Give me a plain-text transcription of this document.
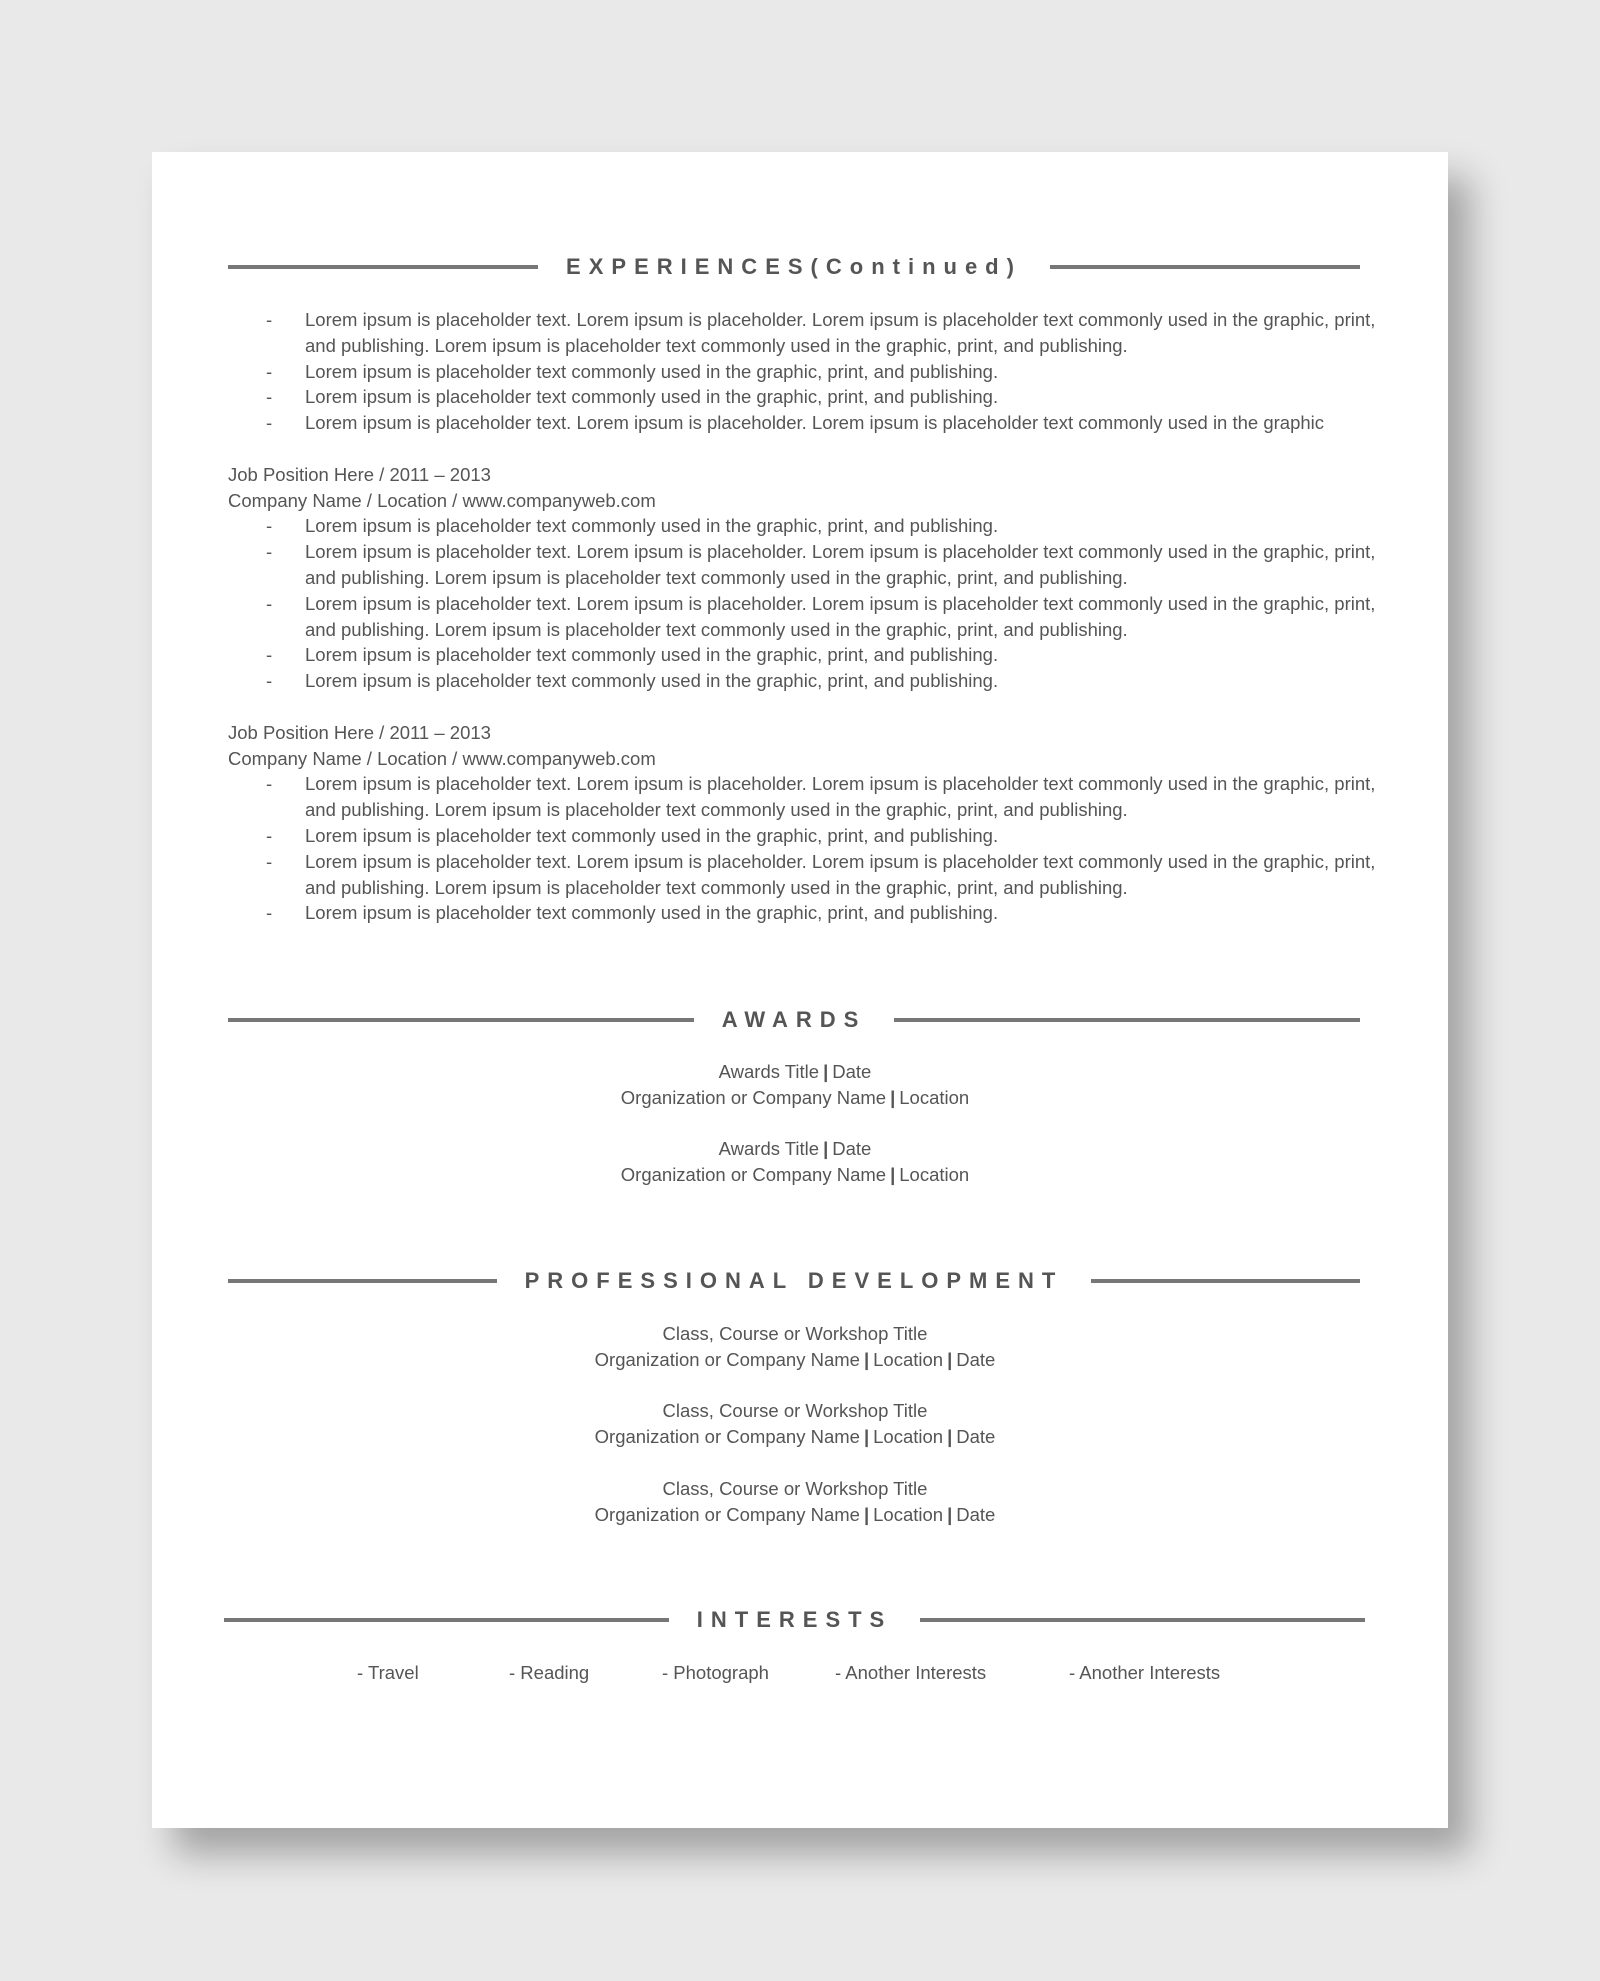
EXPERIENCES(Continued)
- Lorem ipsum is placeholder text. Lorem ipsum is placeholder. Lorem ipsum is placeholder text commonly used in the graphic, print, and publishing. Lorem ipsum is placeholder text commonly used in the graphic, print, and publishing.
- Lorem ipsum is placeholder text commonly used in the graphic, print, and publishing.
- Lorem ipsum is placeholder text commonly used in the graphic, print, and publishing.
- Lorem ipsum is placeholder text. Lorem ipsum is placeholder. Lorem ipsum is placeholder text commonly used in the graphic

Job Position Here / 2011 – 2013

Company Name / Location / www.companyweb.com

- Lorem ipsum is placeholder text commonly used in the graphic, print, and publishing.
- Lorem ipsum is placeholder text. Lorem ipsum is placeholder. Lorem ipsum is placeholder text commonly used in the graphic, print, and publishing. Lorem ipsum is placeholder text commonly used in the graphic, print, and publishing.
- Lorem ipsum is placeholder text. Lorem ipsum is placeholder. Lorem ipsum is placeholder text commonly used in the graphic, print, and publishing. Lorem ipsum is placeholder text commonly used in the graphic, print, and publishing.
- Lorem ipsum is placeholder text commonly used in the graphic, print, and publishing.
- Lorem ipsum is placeholder text commonly used in the graphic, print, and publishing.

Job Position Here / 2011 – 2013

Company Name / Location / www.companyweb.com

- Lorem ipsum is placeholder text. Lorem ipsum is placeholder. Lorem ipsum is placeholder text commonly used in the graphic, print, and publishing. Lorem ipsum is placeholder text commonly used in the graphic, print, and publishing.
- Lorem ipsum is placeholder text commonly used in the graphic, print, and publishing.
- Lorem ipsum is placeholder text. Lorem ipsum is placeholder. Lorem ipsum is placeholder text commonly used in the graphic, print, and publishing. Lorem ipsum is placeholder text commonly used in the graphic, print, and publishing.
- Lorem ipsum is placeholder text commonly used in the graphic, print, and publishing.
AWARDS
Awards Title | Date
Organization or Company Name | Location
Awards Title | Date
Organization or Company Name | Location
PROFESSIONAL DEVELOPMENT
Class, Course or Workshop Title
Organization or Company Name | Location | Date
Class, Course or Workshop Title
Organization or Company Name | Location | Date
Class, Course or Workshop Title
Organization or Company Name | Location | Date
INTERESTS
- Travel	- Reading	- Photograph	- Another Interests	- Another Interests
